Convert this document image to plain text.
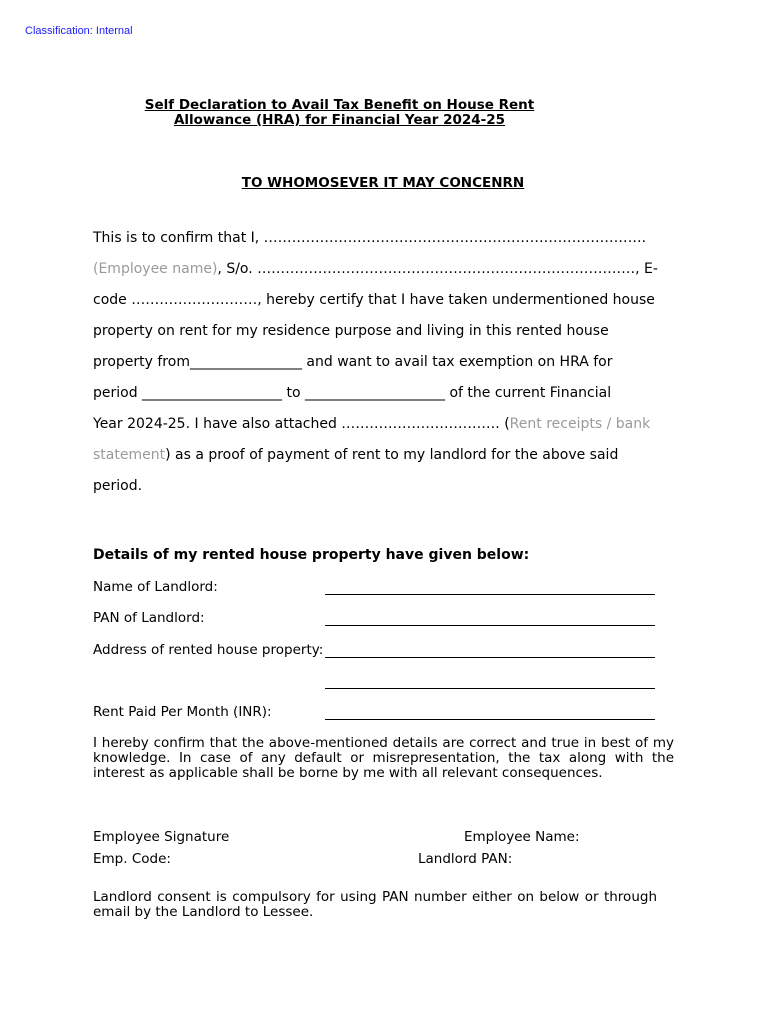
Classification: Internal
Self Declaration to Avail Tax Benefit on House Rent
Allowance (HRA) for Financial Year 2024-25
TO WHOMOSEVER IT MAY CONCENRN
This is to confirm that I, ……………………………………………………………………….
(Employee name), S/o. ………………………………………………………………………, E-
code ………………………, hereby certify that I have taken undermentioned house
property on rent for my residence purpose and living in this rented house
property from________________ and want to avail tax exemption on HRA for
period ____________________ to ____________________ of the current Financial
Year 2024-25. I have also attached ……………………………. (Rent receipts / bank
statement) as a proof of payment of rent to my landlord for the above said
period.
Details of my rented house property have given below:
Name of Landlord:
PAN of Landlord:
Address of rented house property:
Rent Paid Per Month (INR):
I hereby confirm that the above-mentioned details are correct and true in best of my knowledge. In case of any default or misrepresentation, the tax along with the interest as applicable shall be borne by me with all relevant consequences.
Employee Signature	Employee Name:
Emp. Code:	Landlord PAN:
Landlord consent is compulsory for using PAN number either on below or through email by the Landlord to Lessee.
